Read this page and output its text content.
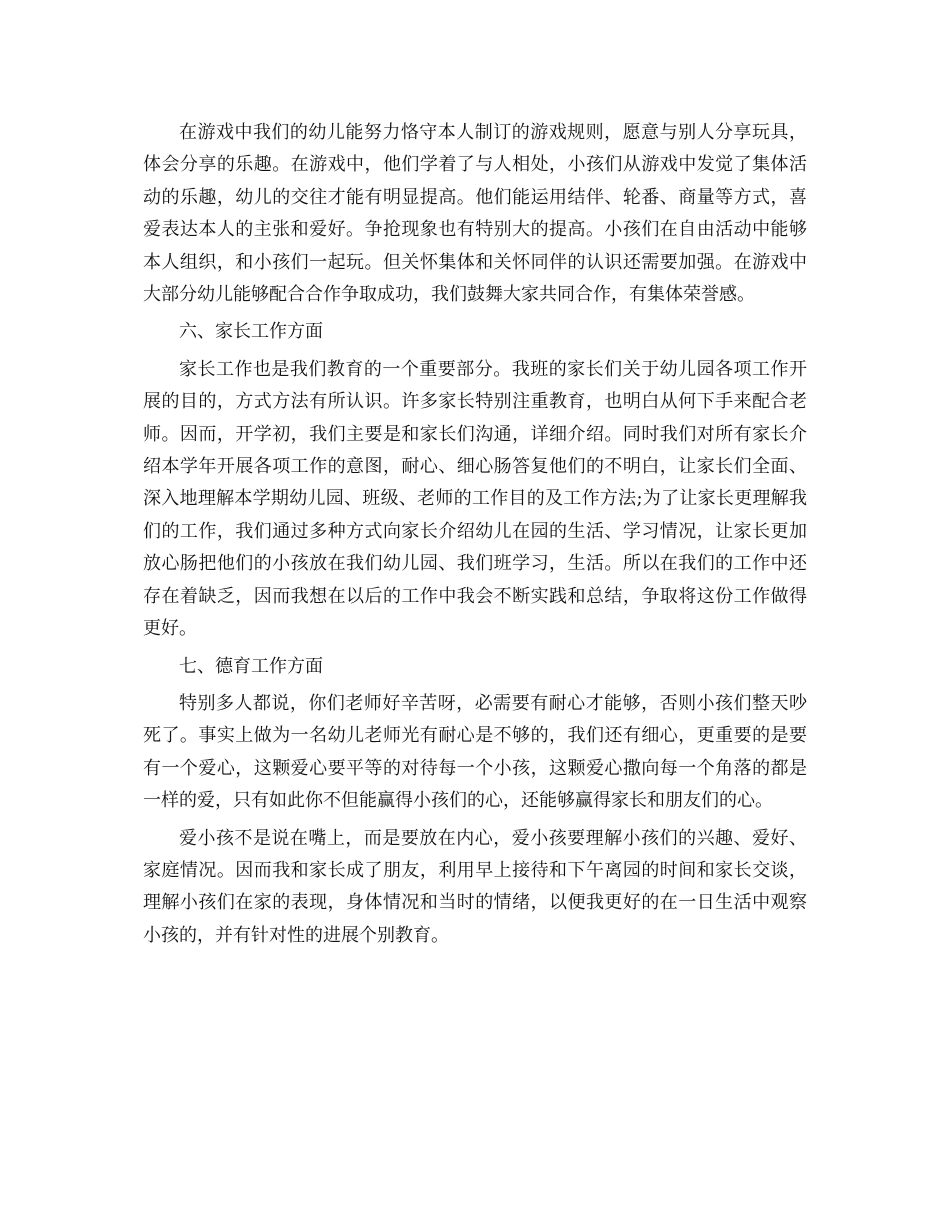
在游戏中我们的幼儿能努力恪守本人制订的游戏规则，愿意与别人分享玩具，体会分享的乐趣。在游戏中，他们学着了与人相处，小孩们从游戏中发觉了集体活动的乐趣，幼儿的交往才能有明显提高。他们能运用结伴、轮番、商量等方式，喜爱表达本人的主张和爱好。争抢现象也有特别大的提高。小孩们在自由活动中能够本人组织，和小孩们一起玩。但关怀集体和关怀同伴的认识还需要加强。在游戏中大部分幼儿能够配合合作争取成功，我们鼓舞大家共同合作，有集体荣誉感。

六、家长工作方面

家长工作也是我们教育的一个重要部分。我班的家长们关于幼儿园各项工作开展的目的，方式方法有所认识。许多家长特别注重教育，也明白从何下手来配合老师。因而，开学初，我们主要是和家长们沟通，详细介绍。同时我们对所有家长介绍本学年开展各项工作的意图，耐心、细心肠答复他们的不明白，让家长们全面、深入地理解本学期幼儿园、班级、老师的工作目的及工作方法;为了让家长更理解我们的工作，我们通过多种方式向家长介绍幼儿在园的生活、学习情况，让家长更加放心肠把他们的小孩放在我们幼儿园、我们班学习，生活。所以在我们的工作中还存在着缺乏，因而我想在以后的工作中我会不断实践和总结，争取将这份工作做得更好。

七、德育工作方面

特别多人都说，你们老师好辛苦呀，必需要有耐心才能够，否则小孩们整天吵死了。事实上做为一名幼儿老师光有耐心是不够的，我们还有细心，更重要的是要有一个爱心，这颗爱心要平等的对待每一个小孩，这颗爱心撒向每一个角落的都是一样的爱，只有如此你不但能赢得小孩们的心，还能够赢得家长和朋友们的心。

爱小孩不是说在嘴上，而是要放在内心，爱小孩要理解小孩们的兴趣、爱好、家庭情况。因而我和家长成了朋友，利用早上接待和下午离园的时间和家长交谈，理解小孩们在家的表现，身体情况和当时的情绪，以便我更好的在一日生活中观察小孩的，并有针对性的进展个别教育。
